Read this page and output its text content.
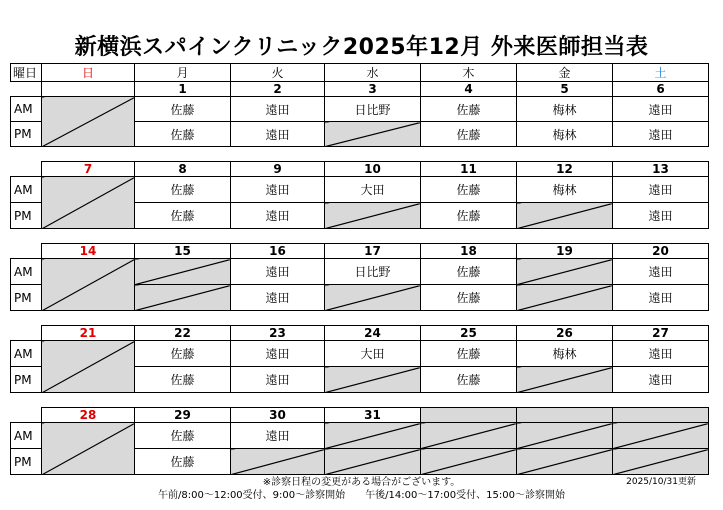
新横浜スパインクリニック2025年12月 外来医師担当表
曜日	日	月	火	水	木	金	土
		1	2	3	4	5	6
AM		佐藤	遠田	日比野	佐藤	梅林	遠田
PM		佐藤	遠田		佐藤	梅林	遠田

	7	8	9	10	11	12	13
AM		佐藤	遠田	大田	佐藤	梅林	遠田
PM		佐藤	遠田		佐藤		遠田

	14	15	16	17	18	19	20
AM			遠田	日比野	佐藤		遠田
PM			遠田		佐藤		遠田

	21	22	23	24	25	26	27
AM		佐藤	遠田	大田	佐藤	梅林	遠田
PM		佐藤	遠田		佐藤		遠田

	28	29	30	31			
AM		佐藤	遠田				
PM		佐藤					
※診察日程の変更がある場合がございます。
午前/8:00～12:00受付、9:00～診察開始　　午後/14:00～17:00受付、15:00～診察開始
2025/10/31更新
